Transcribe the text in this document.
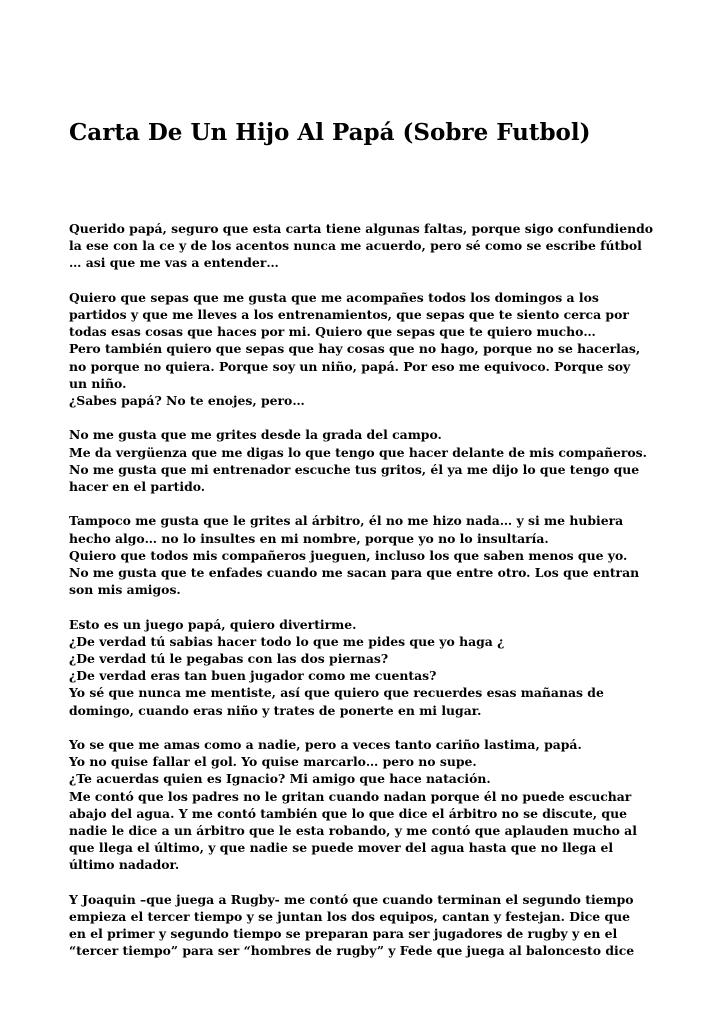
Carta De Un Hijo Al Papá (Sobre Futbol)

Querido papá, seguro que esta carta tiene algunas faltas, porque sigo confundiendo
la ese con la ce y de los acentos nunca me acuerdo, pero sé como se escribe fútbol
… asi que me vas a entender…

Quiero que sepas que me gusta que me acompañes todos los domingos a los
partidos y que me lleves a los entrenamientos, que sepas que te siento cerca por
todas esas cosas que haces por mi. Quiero que sepas que te quiero mucho…
Pero también quiero que sepas que hay cosas que no hago, porque no se hacerlas,
no porque no quiera. Porque soy un niño, papá. Por eso me equivoco. Porque soy
un niño.
¿Sabes papá? No te enojes, pero…

No me gusta que me grites desde la grada del campo.
Me da vergüenza que me digas lo que tengo que hacer delante de mis compañeros.
No me gusta que mi entrenador escuche tus gritos, él ya me dijo lo que tengo que
hacer en el partido.

Tampoco me gusta que le grites al árbitro, él no me hizo nada… y si me hubiera
hecho algo… no lo insultes en mi nombre, porque yo no lo insultaría.
Quiero que todos mis compañeros jueguen, incluso los que saben menos que yo.
No me gusta que te enfades cuando me sacan para que entre otro. Los que entran
son mis amigos.

Esto es un juego papá, quiero divertirme.
¿De verdad tú sabias hacer todo lo que me pides que yo haga ¿
¿De verdad tú le pegabas con las dos piernas?
¿De verdad eras tan buen jugador como me cuentas?
Yo sé que nunca me mentiste, así que quiero que recuerdes esas mañanas de
domingo, cuando eras niño y trates de ponerte en mi lugar.

Yo se que me amas como a nadie, pero a veces tanto cariño lastima, papá.
Yo no quise fallar el gol. Yo quise marcarlo… pero no supe.
¿Te acuerdas quien es Ignacio? Mi amigo que hace natación.
Me contó que los padres no le gritan cuando nadan porque él no puede escuchar
abajo del agua. Y me contó también que lo que dice el árbitro no se discute, que
nadie le dice a un árbitro que le esta robando, y me contó que aplauden mucho al
que llega el último, y que nadie se puede mover del agua hasta que no llega el
último nadador.

Y Joaquin –que juega a Rugby- me contó que cuando terminan el segundo tiempo
empieza el tercer tiempo y se juntan los dos equipos, cantan y festejan. Dice que
en el primer y segundo tiempo se preparan para ser jugadores de rugby y en el
“tercer tiempo” para ser “hombres de rugby” y Fede que juega al baloncesto dice
